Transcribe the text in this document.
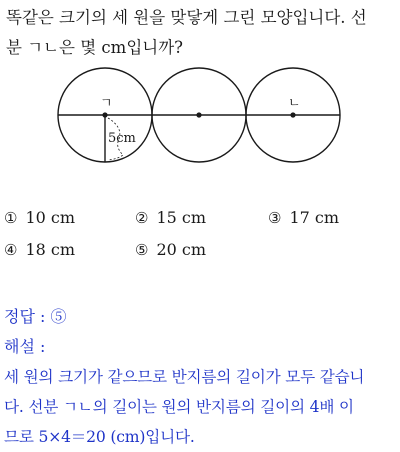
똑같은 크기의 세 원을 맞닿게 그린 모양입니다. 선
분 ㄱㄴ은 몇 cm입니까?
ㄱ	ㄴ
5cm
① 10 cm	② 15 cm	③ 17 cm
④ 18 cm	⑤ 20 cm
정답 : ⑤
해설 :
세 원의 크기가 같으므로 반지름의 길이가 모두 같습니
다. 선분 ㄱㄴ의 길이는 원의 반지름의 길이의 4배 이
므로 5×4＝20 (cm)입니다.
